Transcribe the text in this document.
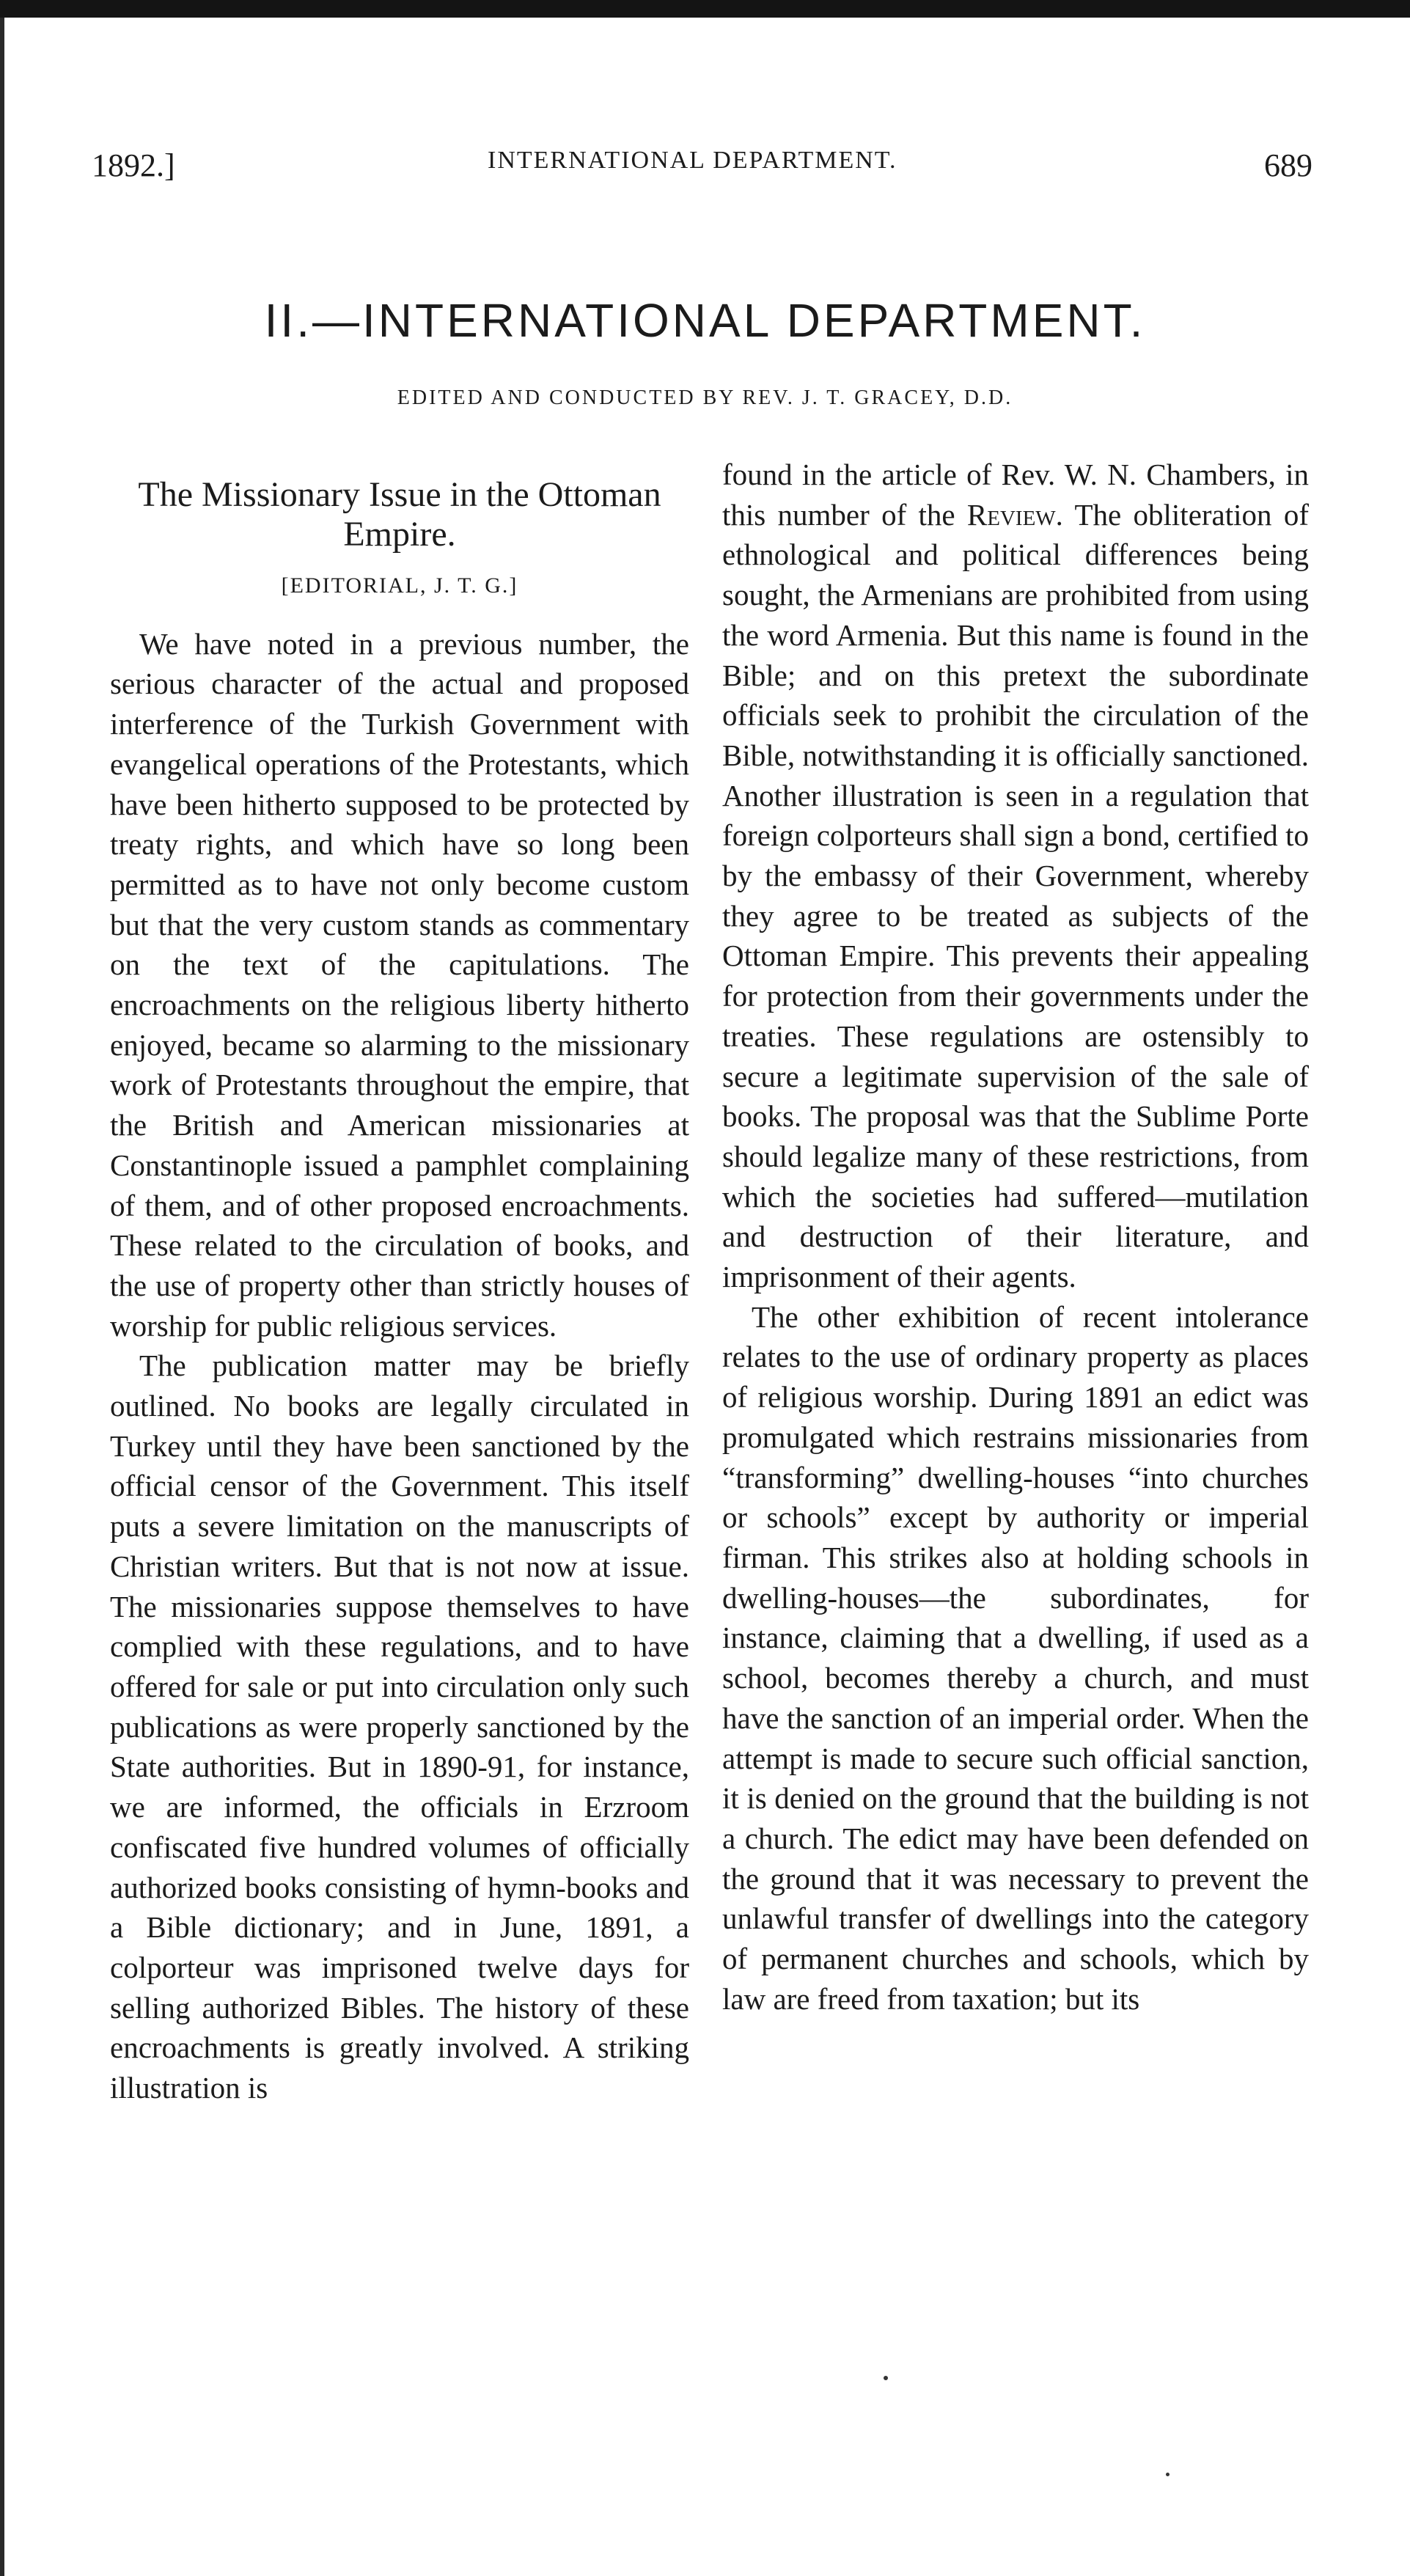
1892.]	INTERNATIONAL DEPARTMENT.	689
II.—INTERNATIONAL DEPARTMENT.
EDITED AND CONDUCTED BY REV. J. T. GRACEY, D.D.
The Missionary Issue in the Ottoman Empire.
[EDITORIAL, J. T. G.]

We have noted in a previous number, the serious character of the actual and proposed interference of the Turkish Government with evangelical operations of the Protestants, which have been hitherto supposed to be protected by treaty rights, and which have so long been permitted as to have not only become custom but that the very custom stands as commentary on the text of the capitulations. The encroachments on the religious liberty hitherto enjoyed, became so alarming to the missionary work of Protestants throughout the empire, that the British and American missionaries at Constantinople issued a pamphlet complaining of them, and of other proposed encroachments. These related to the circulation of books, and the use of property other than strictly houses of worship for public religious services.

The publication matter may be briefly outlined. No books are legally circulated in Turkey until they have been sanctioned by the official censor of the Government. This itself puts a severe limitation on the manuscripts of Christian writers. But that is not now at issue. The missionaries suppose themselves to have complied with these regulations, and to have offered for sale or put into circulation only such publications as were properly sanctioned by the State authorities. But in 1890-91, for instance, we are informed, the officials in Erzroom confiscated five hundred volumes of officially authorized books consisting of hymn-books and a Bible dictionary; and in June, 1891, a colporteur was imprisoned twelve days for selling authorized Bibles. The history of these encroachments is greatly involved. A striking illustration is

found in the article of Rev. W. N. Chambers, in this number of the Review. The obliteration of ethnological and political differences being sought, the Armenians are prohibited from using the word Armenia. But this name is found in the Bible; and on this pretext the subordinate officials seek to prohibit the circulation of the Bible, notwithstanding it is officially sanctioned. Another illustration is seen in a regulation that foreign colporteurs shall sign a bond, certified to by the embassy of their Government, whereby they agree to be treated as subjects of the Ottoman Empire. This prevents their appealing for protection from their governments under the treaties. These regulations are ostensibly to secure a legitimate supervision of the sale of books. The proposal was that the Sublime Porte should legalize many of these restrictions, from which the societies had suffered—mutilation and destruction of their literature, and imprisonment of their agents.

The other exhibition of recent intolerance relates to the use of ordinary property as places of religious worship. During 1891 an edict was promulgated which restrains missionaries from “transforming” dwelling-houses “into churches or schools” except by authority or imperial firman. This strikes also at holding schools in dwelling-houses—the subordinates, for instance, claiming that a dwelling, if used as a school, becomes thereby a church, and must have the sanction of an imperial order. When the attempt is made to secure such official sanction, it is denied on the ground that the building is not a church. The edict may have been defended on the ground that it was necessary to prevent the unlawful transfer of dwellings into the category of permanent churches and schools, which by law are freed from taxation; but its
